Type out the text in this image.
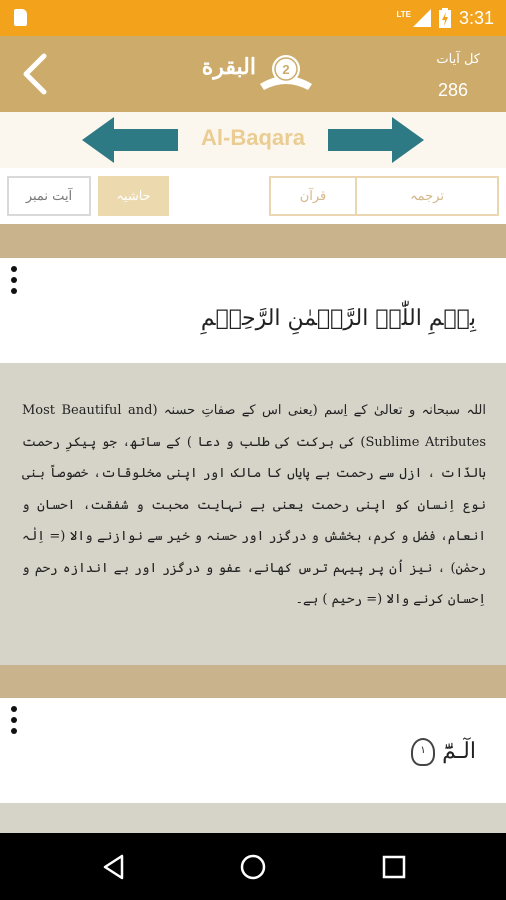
LTE	3:31
البقرة	2
کل آیات
286
Al-Baqara
آیت نمبر	حاشیہ	قرآن	ترجمہ
بِسۡمِ اللّٰہِ الرَّحۡمٰنِ الرَّحِیۡمِ
اللہ سبحانہ و تعالیٰ کے اِسم (یعنی اس کے صفاتِ حسنہ (Most Beautiful and Sublime Atributes) کی برکت کی طلب و دعا ) کے ساتھ، جو پیکرِ رحمت بالذّات ، ازل سے رحمت بے پایاں کا مالک اور اپنی مخلوقات، خصوصاً بنی نوع اِنسان کو اپنی رحمت یعنی بے نہایت محبت و شفقت، احسان و انعام، فضل و کرم، بخشش و درگزر اور حسنہ و خیر سے نوازنے والا (= اِلٰہ رحمٰن) ، نیز اُن پر پیہم ترس کھانے، عفو و درگزر اور بے اندازہ رحم و اِحسان کرنے والا (= رحیم ) ہے۔
الٓـمّٓ ۱
